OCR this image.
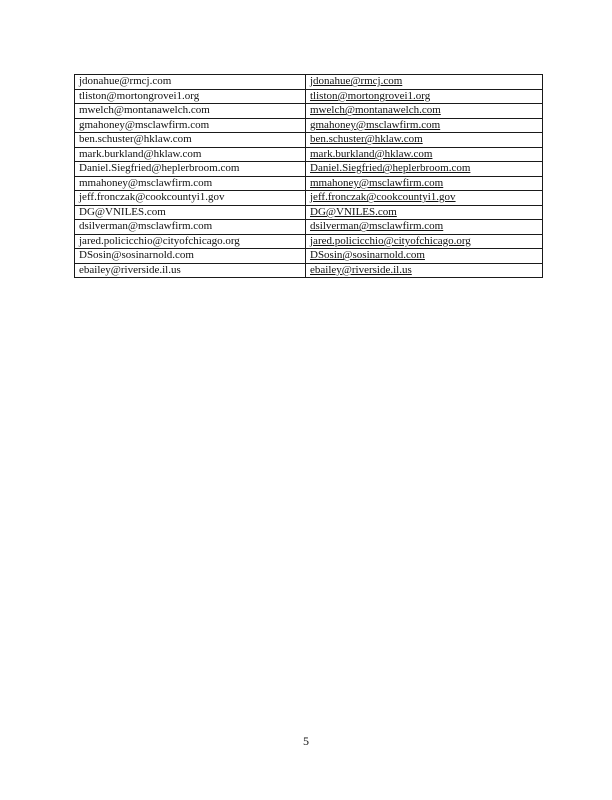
jdonahue@rmcj.com	jdonahue@rmcj.com
tliston@mortongrovei1.org	tliston@mortongrovei1.org
mwelch@montanawelch.com	mwelch@montanawelch.com
gmahoney@msclawfirm.com	gmahoney@msclawfirm.com
ben.schuster@hklaw.com	ben.schuster@hklaw.com
mark.burkland@hklaw.com	mark.burkland@hklaw.com
Daniel.Siegfried@heplerbroom.com	Daniel.Siegfried@heplerbroom.com
mmahoney@msclawfirm.com	mmahoney@msclawfirm.com
jeff.fronczak@cookcountyi1.gov	jeff.fronczak@cookcountyi1.gov
DG@VNILES.com	DG@VNILES.com
dsilverman@msclawfirm.com	dsilverman@msclawfirm.com
jared.policicchio@cityofchicago.org	jared.policicchio@cityofchicago.org
DSosin@sosinarnold.com	DSosin@sosinarnold.com
ebailey@riverside.il.us	ebailey@riverside.il.us
5
